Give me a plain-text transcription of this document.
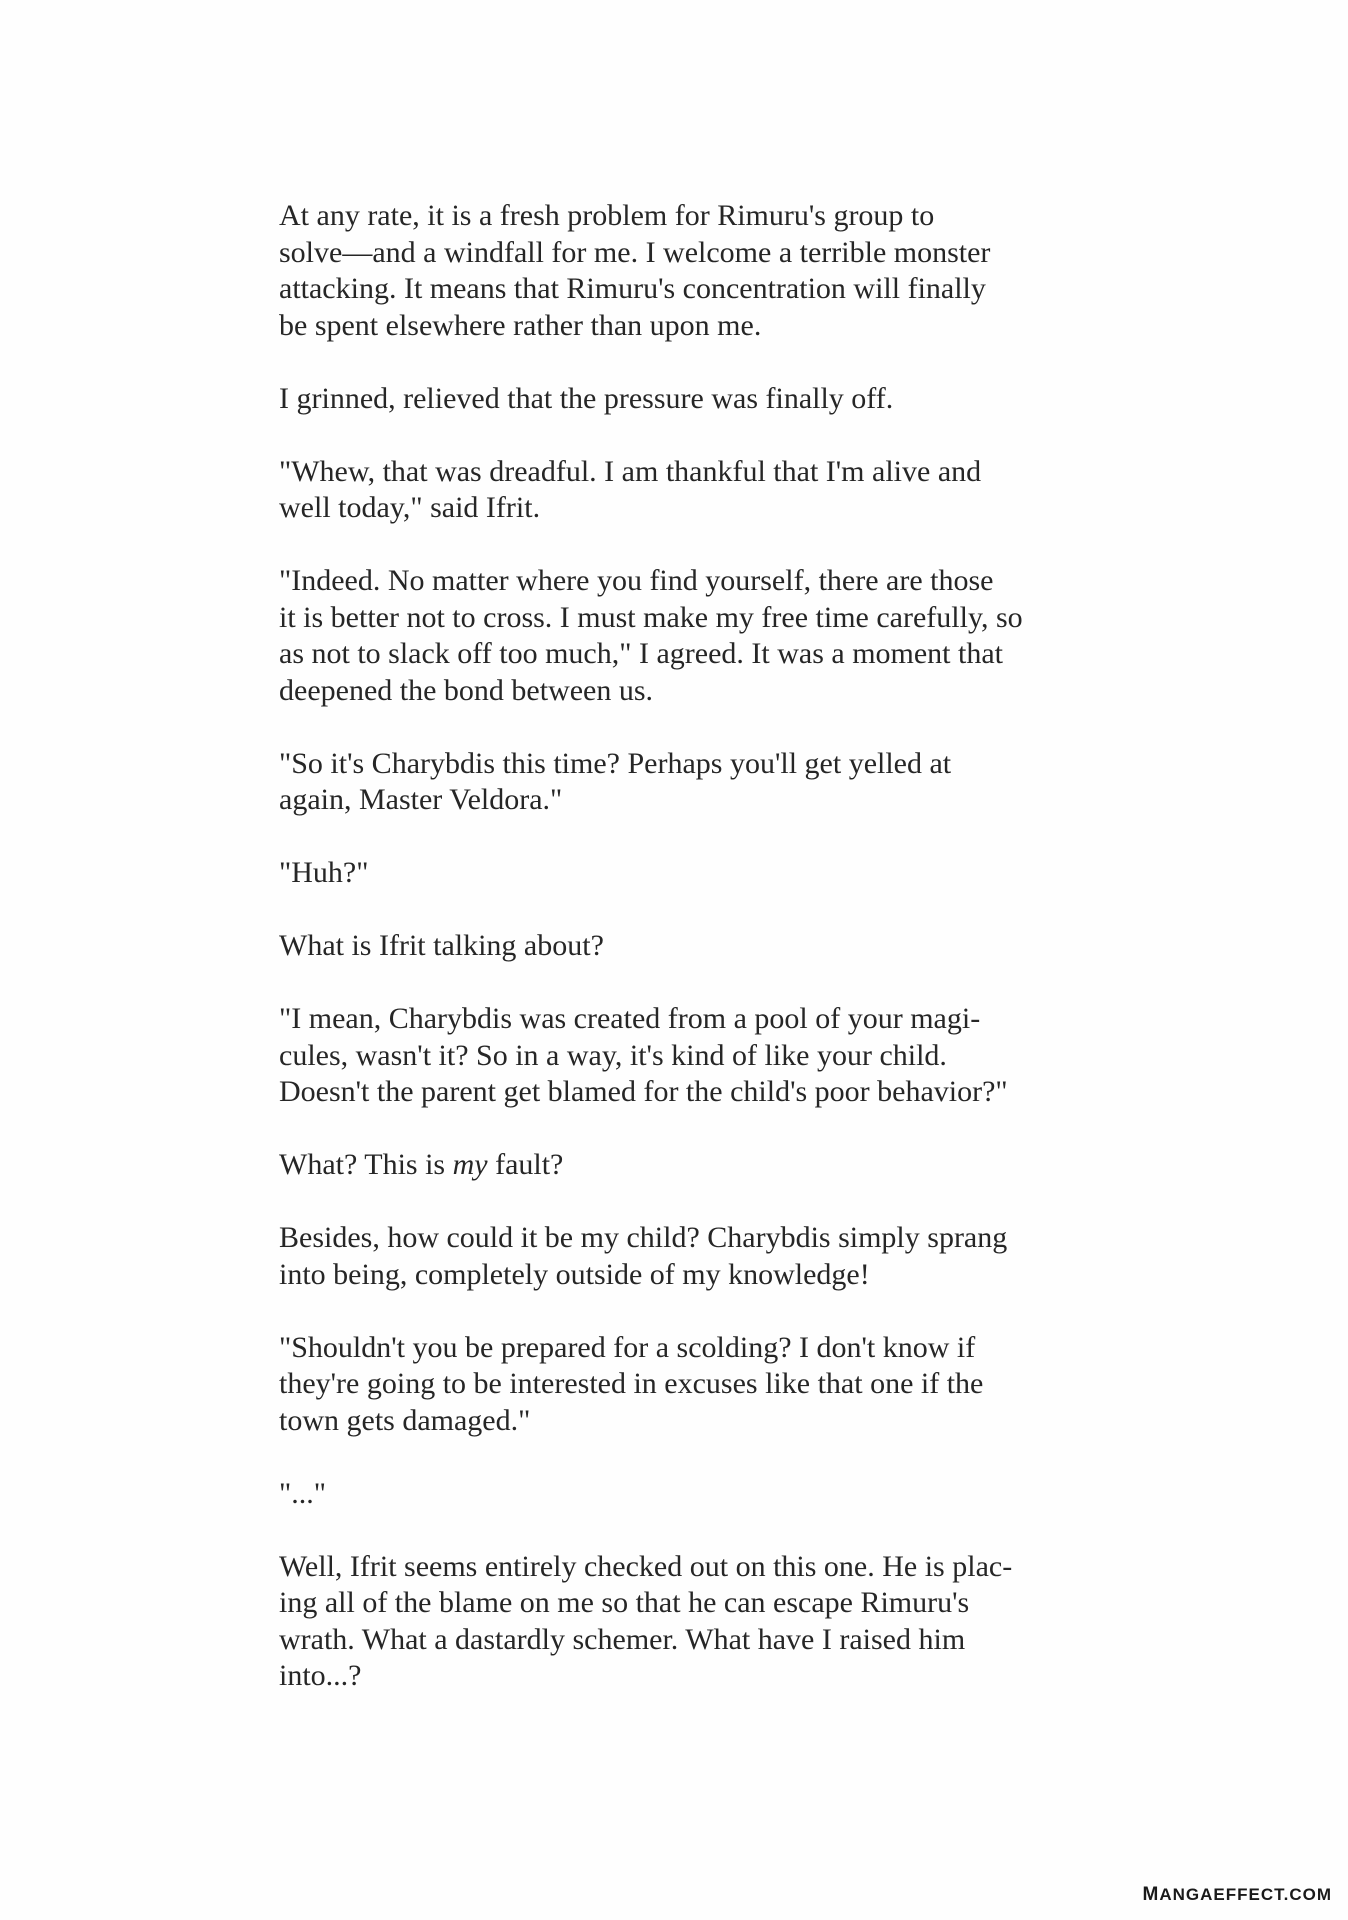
At any rate, it is a fresh problem for Rimuru's group to
solve—and a windfall for me. I welcome a terrible monster
attacking. It means that Rimuru's concentration will finally
be spent elsewhere rather than upon me.

I grinned, relieved that the pressure was finally off.

"Whew, that was dreadful. I am thankful that I'm alive and
well today," said Ifrit.

"Indeed. No matter where you find yourself, there are those
it is better not to cross. I must make my free time carefully, so
as not to slack off too much," I agreed. It was a moment that
deepened the bond between us.

"So it's Charybdis this time? Perhaps you'll get yelled at
again, Master Veldora."

"Huh?"

What is Ifrit talking about?

"I mean, Charybdis was created from a pool of your magi-
cules, wasn't it? So in a way, it's kind of like your child.
Doesn't the parent get blamed for the child's poor behavior?"

What? This is my fault?

Besides, how could it be my child? Charybdis simply sprang
into being, completely outside of my knowledge!

"Shouldn't you be prepared for a scolding? I don't know if
they're going to be interested in excuses like that one if the
town gets damaged."

"..."

Well, Ifrit seems entirely checked out on this one. He is plac-
ing all of the blame on me so that he can escape Rimuru's
wrath. What a dastardly schemer. What have I raised him
into...?

MANGAEFFECT.COM
